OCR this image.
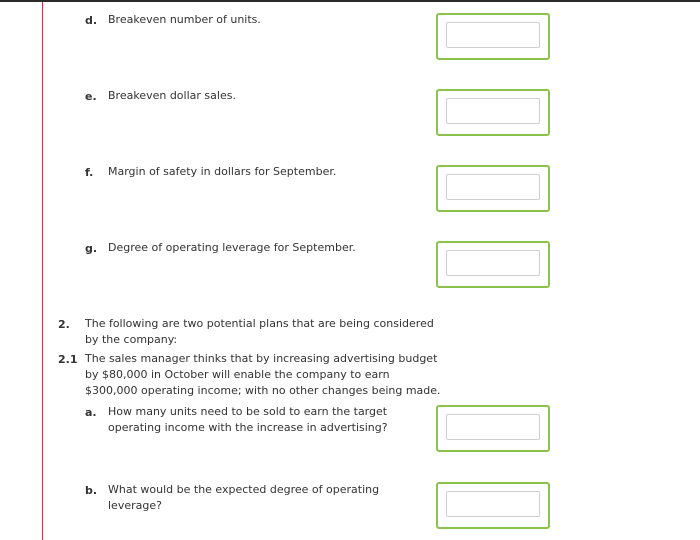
d. Breakeven number of units.
e. Breakeven dollar sales.
f. Margin of safety in dollars for September.
g. Degree of operating leverage for September.
2. The following are two potential plans that are being considered by the company:
2.1 The sales manager thinks that by increasing advertising budget by $80,000 in October will enable the company to earn $300,000 operating income; with no other changes being made.
a. How many units need to be sold to earn the target operating income with the increase in advertising?
b. What would be the expected degree of operating leverage?
